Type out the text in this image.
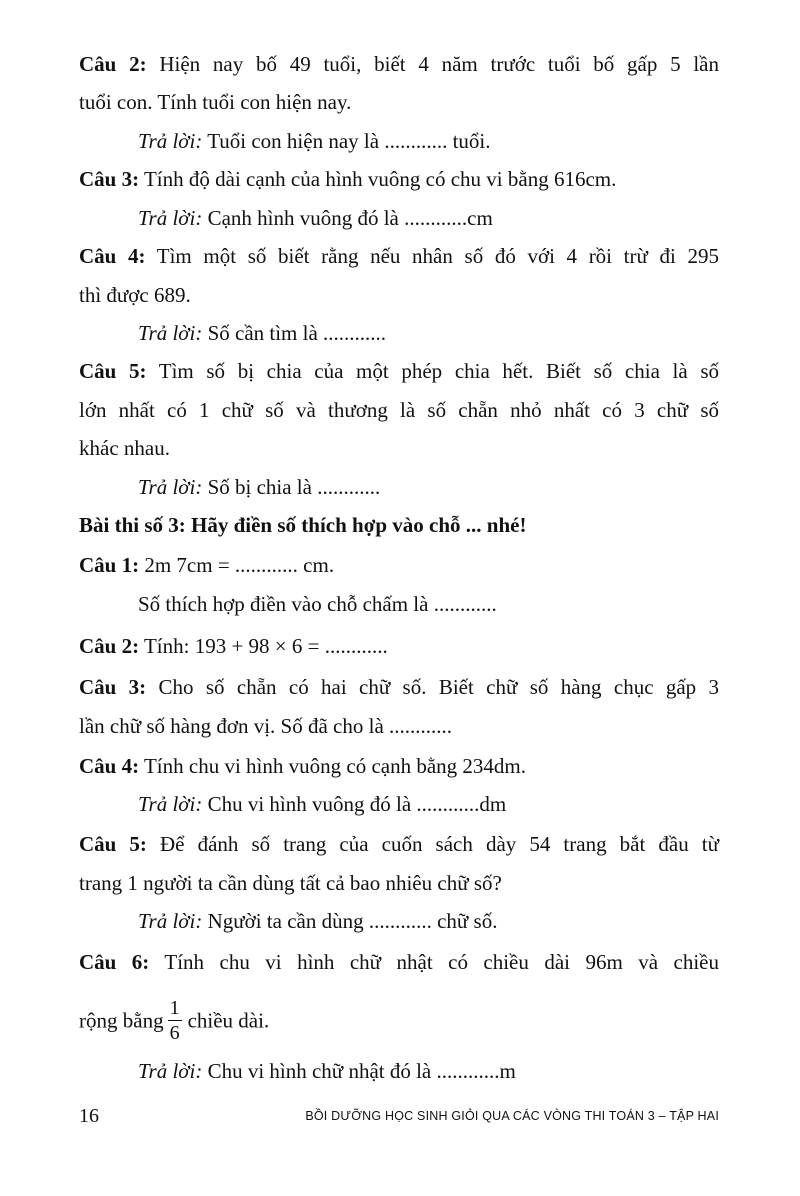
Câu 2: Hiện nay bố 49 tuổi, biết 4 năm trước tuổi bố gấp 5 lần
tuổi con. Tính tuổi con hiện nay.
Trả lời: Tuổi con hiện nay là ............ tuổi.
Câu 3: Tính độ dài cạnh của hình vuông có chu vi bằng 616cm.
Trả lời: Cạnh hình vuông đó là ............cm
Câu 4: Tìm một số biết rằng nếu nhân số đó với 4 rồi trừ đi 295
thì được 689.
Trả lời: Số cần tìm là ............
Câu 5: Tìm số bị chia của một phép chia hết. Biết số chia là số
lớn nhất có 1 chữ số và thương là số chẵn nhỏ nhất có 3 chữ số
khác nhau.
Trả lời: Số bị chia là ............
Bài thi số 3: Hãy điền số thích hợp vào chỗ ... nhé!
Câu 1: 2m 7cm = ............ cm.
Số thích hợp điền vào chỗ chấm là ............
Câu 2: Tính: 193 + 98 × 6 = ............
Câu 3: Cho số chẵn có hai chữ số. Biết chữ số hàng chục gấp 3
lần chữ số hàng đơn vị. Số đã cho là ............
Câu 4: Tính chu vi hình vuông có cạnh bằng 234dm.
Trả lời: Chu vi hình vuông đó là ............dm
Câu 5: Để đánh số trang của cuốn sách dày 54 trang bắt đầu từ
trang 1 người ta cần dùng tất cả bao nhiêu chữ số?
Trả lời: Người ta cần dùng ............ chữ số.
Câu 6: Tính chu vi hình chữ nhật có chiều dài 96m và chiều
rộng bằng $\frac{1}{6}$ chiều dài.
Trả lời: Chu vi hình chữ nhật đó là ............m
16	BỒI DƯỠNG HỌC SINH GIỎI QUA CÁC VÒNG THI TOÁN 3 – TẬP HAI
